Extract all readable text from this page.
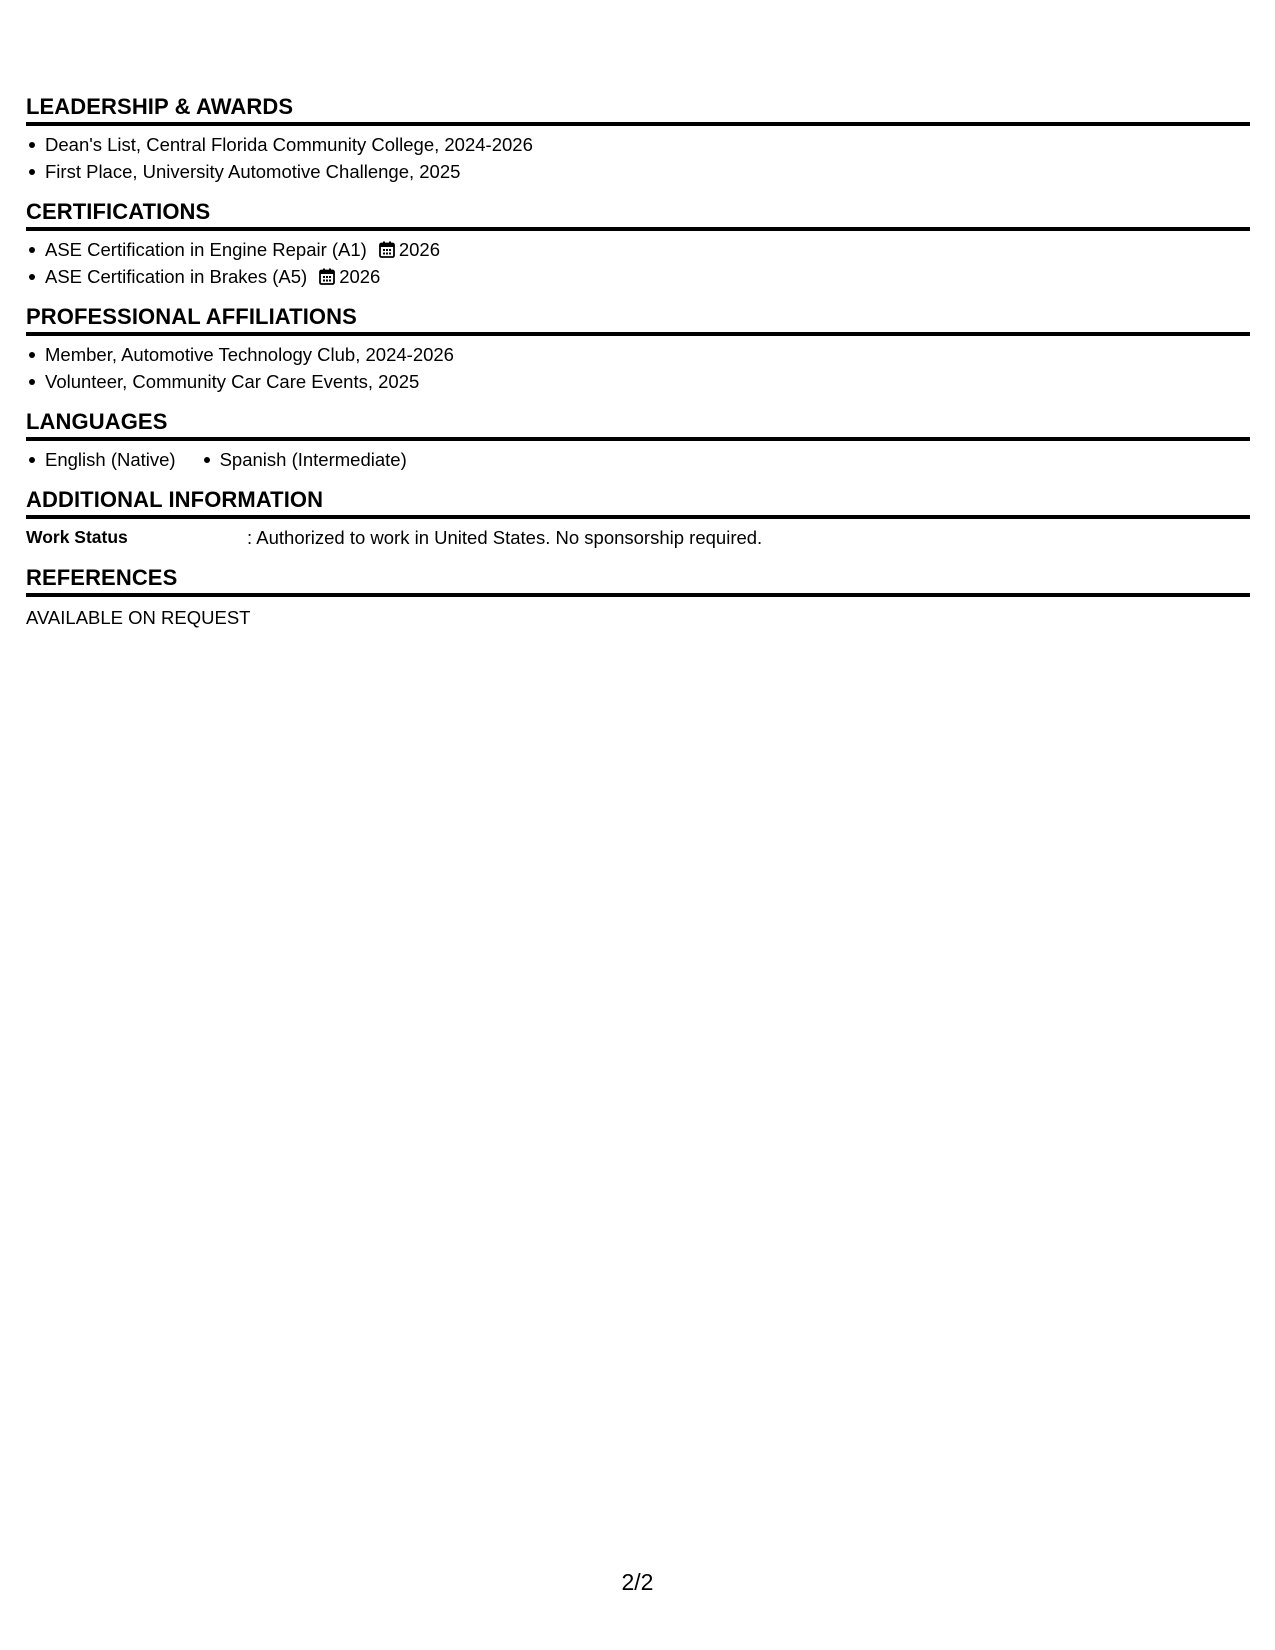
LEADERSHIP & AWARDS
Dean's List, Central Florida Community College, 2024-2026
First Place, University Automotive Challenge, 2025
CERTIFICATIONS
ASE Certification in Engine Repair (A1) 2026
ASE Certification in Brakes (A5) 2026
PROFESSIONAL AFFILIATIONS
Member, Automotive Technology Club, 2024-2026
Volunteer, Community Car Care Events, 2025
LANGUAGES
English (Native)	Spanish (Intermediate)
ADDITIONAL INFORMATION
Work Status	: Authorized to work in United States. No sponsorship required.
REFERENCES
AVAILABLE ON REQUEST
2/2
